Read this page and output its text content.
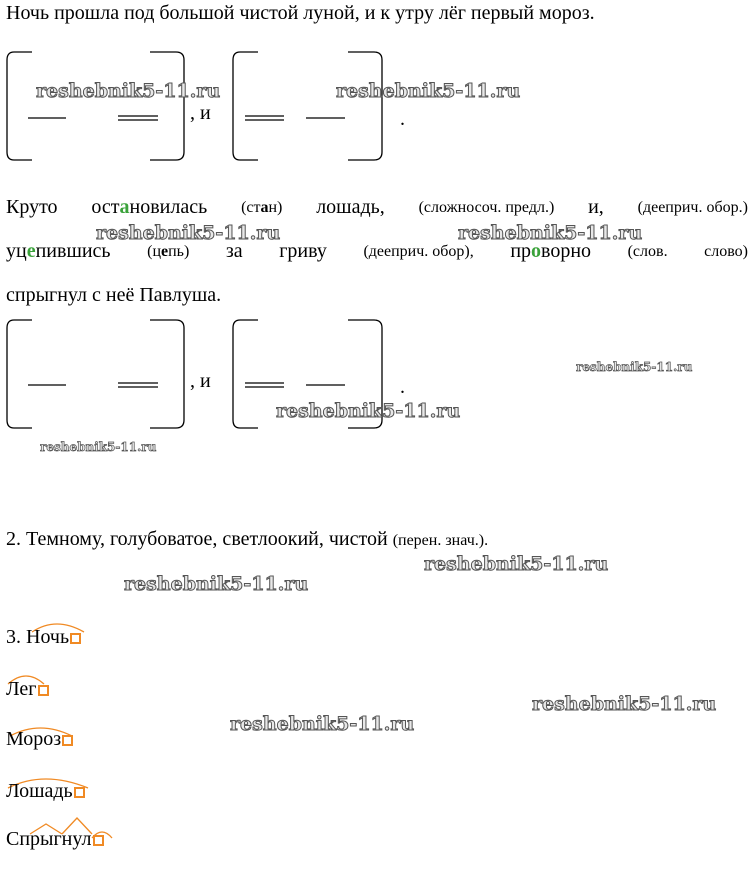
Ночь прошла под большой чистой луной, и к утру лёг первый мороз.
, и	.
Круто остановилась (стан) лошадь, (сложносоч. предл.) и, (дееприч. обор.)
уцепившись (цепь) за гриву (дееприч. обор), проворно (слов. слово)
спрыгнул с неё Павлуша.
, и	.
2. Темному, голубоватое, светлоокий, чистой (перен. знач.).
3. Ночь
Лег
Мороз
Лошадь
Спрыгнул
reshebnik5-11.ru	reshebnik5-11.ru
reshebnik5-11.ru	reshebnik5-11.ru
reshebnik5-11.ru
reshebnik5-11.ru
reshebnik5-11.ru
reshebnik5-11.ru
reshebnik5-11.ru
reshebnik5-11.ru
reshebnik5-11.ru
